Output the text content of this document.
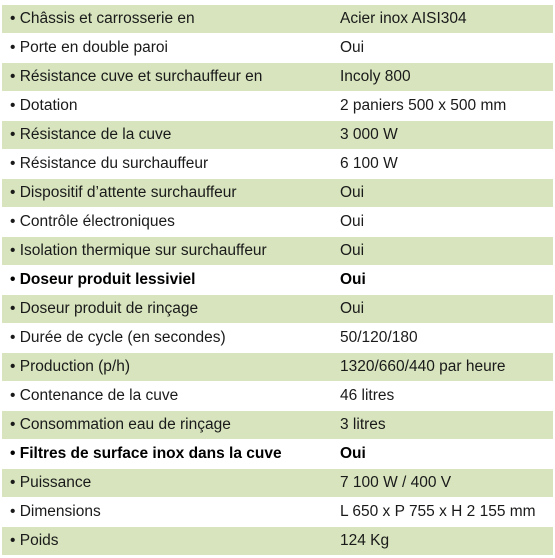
• Châssis et carrosserie en	Acier inox AISI304
• Porte en double paroi	Oui
• Résistance cuve et surchauffeur en	Incoly 800
• Dotation	2 paniers 500 x 500 mm
• Résistance de la cuve	3 000 W
• Résistance du surchauffeur	6 100 W
• Dispositif d’attente surchauffeur	Oui
• Contrôle électroniques	Oui
• Isolation thermique sur surchauffeur	Oui
• Doseur produit lessiviel	Oui
• Doseur produit de rinçage	Oui
• Durée de cycle (en secondes)	50/120/180
• Production (p/h)	1320/660/440 par heure
• Contenance de la cuve	46 litres
• Consommation eau de rinçage	3 litres
• Filtres de surface inox dans la cuve	Oui
• Puissance	7 100 W / 400 V
• Dimensions	L 650 x P 755 x H 2 155 mm
• Poids	124 Kg
